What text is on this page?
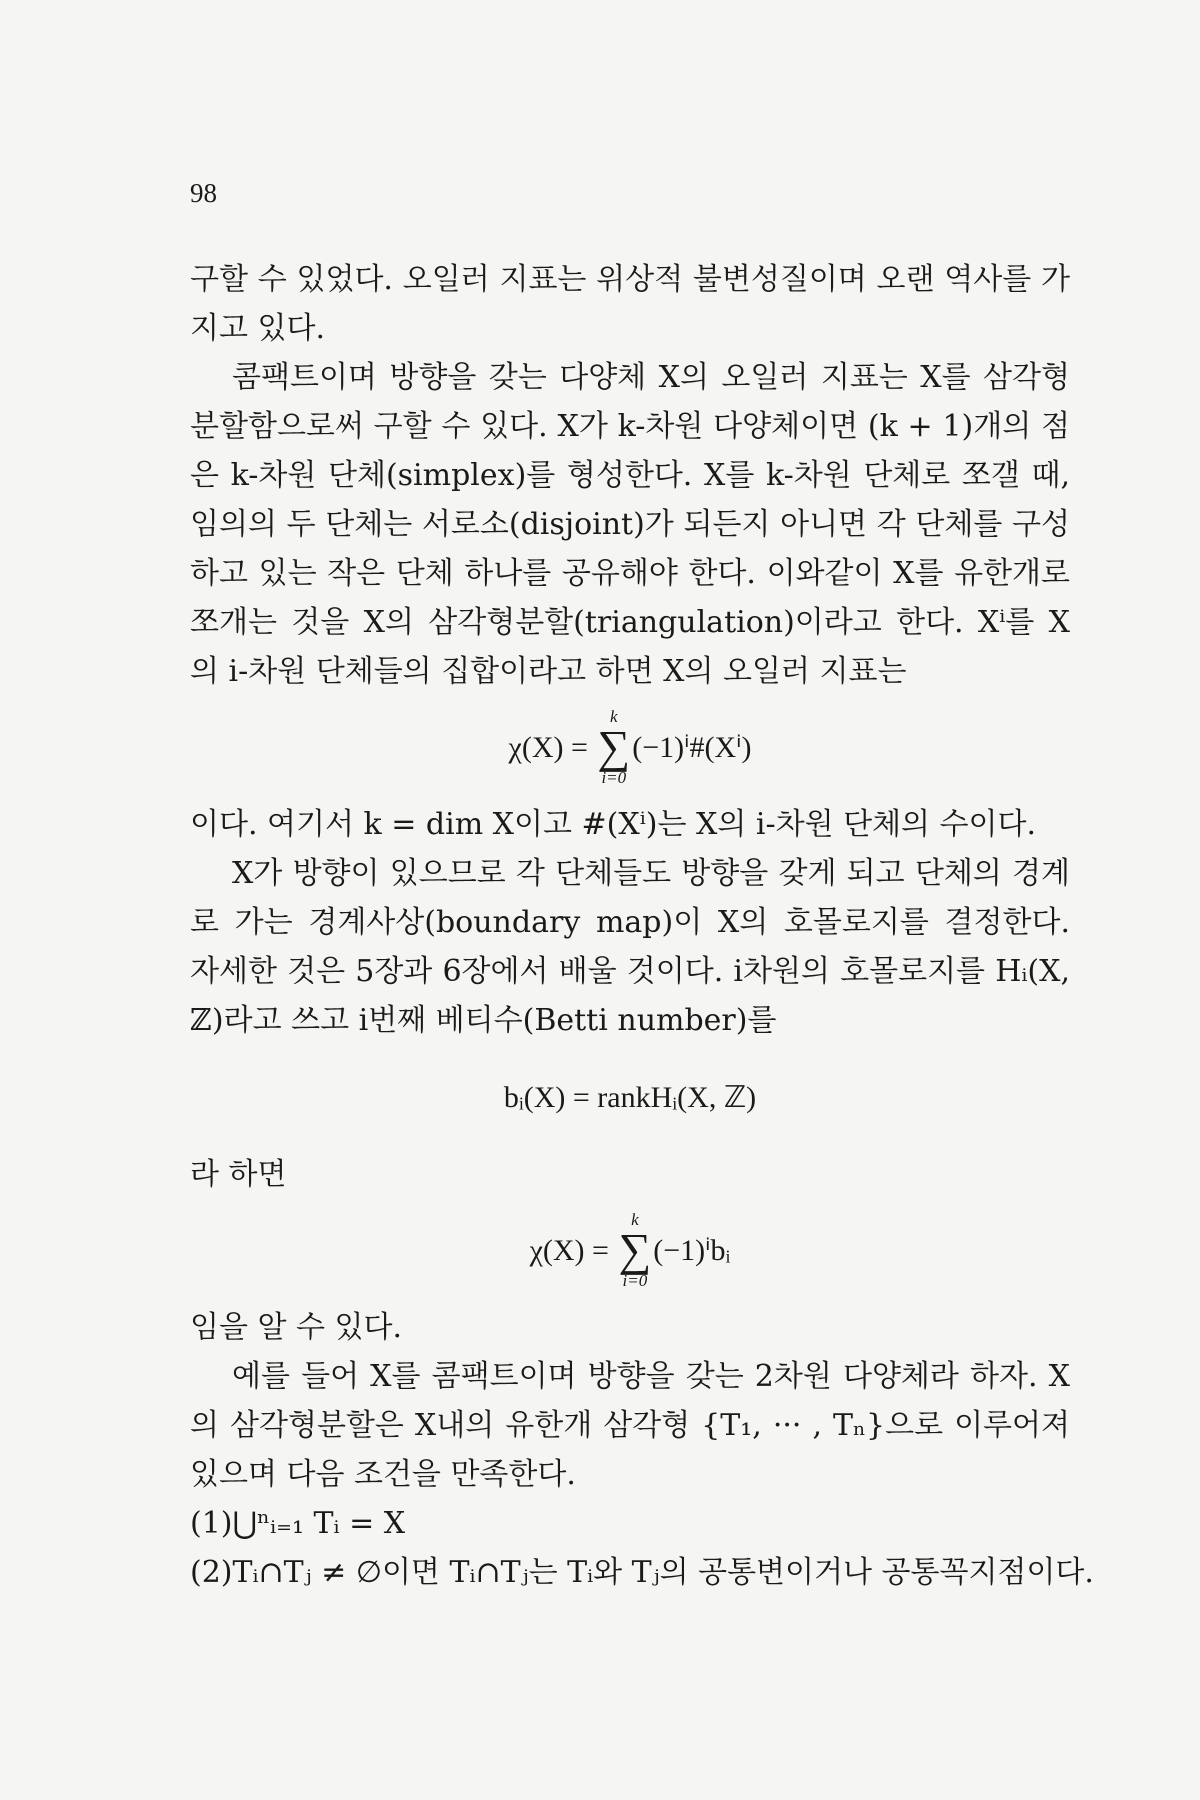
98

구할 수 있었다. 오일러 지표는 위상적 불변성질이며 오랜 역사를 가지고 있다.

콤팩트이며 방향을 갖는 다양체 X의 오일러 지표는 X를 삼각형 분할함으로써 구할 수 있다. X가 k-차원 다양체이면 (k + 1)개의 점은 k-차원 단체(simplex)를 형성한다. X를 k-차원 단체로 쪼갤 때, 임의의 두 단체는 서로소(disjoint)가 되든지 아니면 각 단체를 구성하고 있는 작은 단체 하나를 공유해야 한다. 이와같이 X를 유한개로 쪼개는 것을 X의 삼각형분할(triangulation)이라고 한다. Xⁱ를 X의 i-차원 단체들의 집합이라고 하면 X의 오일러 지표는

χ(X) =
k
∑
i=0
(−1)ⁱ#(Xⁱ)

이다. 여기서 k = dim X이고 #(Xⁱ)는 X의 i-차원 단체의 수이다.

X가 방향이 있으므로 각 단체들도 방향을 갖게 되고 단체의 경계로 가는 경계사상(boundary map)이 X의 호몰로지를 결정한다. 자세한 것은 5장과 6장에서 배울 것이다. i차원의 호몰로지를 Hᵢ(X, ℤ)라고 쓰고 i번째 베티수(Betti number)를

bᵢ(X) = rankHᵢ(X, ℤ)

라 하면

χ(X) =
k
∑
i=0
(−1)ⁱbᵢ

임을 알 수 있다.

예를 들어 X를 콤팩트이며 방향을 갖는 2차원 다양체라 하자. X의 삼각형분할은 X내의 유한개 삼각형 {T₁, ··· , Tₙ}으로 이루어져 있으며 다음 조건을 만족한다.

(1)⋃ⁿᵢ₌₁ Tᵢ = X

(2)Tᵢ∩Tⱼ ≠ ∅이면 Tᵢ∩Tⱼ는 Tᵢ와 Tⱼ의 공통변이거나 공통꼭지점이다.
